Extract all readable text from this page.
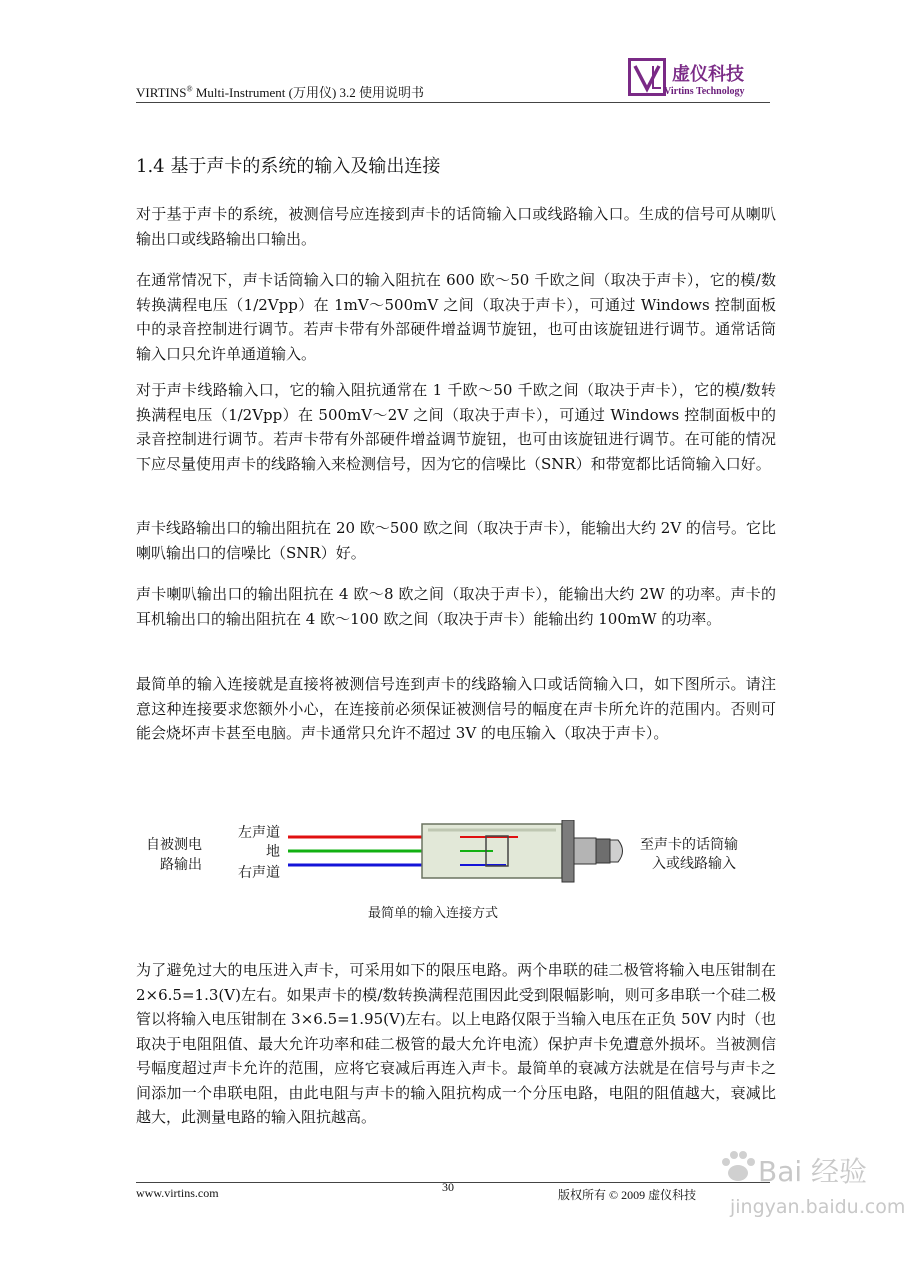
VIRTINS® Multi-Instrument (万用仪) 3.2 使用说明书
虚仪科技
Virtins Technology
1.4 基于声卡的系统的输入及输出连接
对于基于声卡的系统，被测信号应连接到声卡的话筒输入口或线路输入口。生成的信号可从喇叭输出口或线路输出口输出。
在通常情况下，声卡话筒输入口的输入阻抗在 600 欧～50 千欧之间（取决于声卡），它的模/数转换满程电压（1/2Vpp）在 1mV～500mV 之间（取决于声卡），可通过 Windows 控制面板中的录音控制进行调节。若声卡带有外部硬件增益调节旋钮，也可由该旋钮进行调节。通常话筒输入口只允许单通道输入。
对于声卡线路输入口，它的输入阻抗通常在 1 千欧～50 千欧之间（取决于声卡），它的模/数转换满程电压（1/2Vpp）在 500mV～2V 之间（取决于声卡），可通过 Windows 控制面板中的录音控制进行调节。若声卡带有外部硬件增益调节旋钮，也可由该旋钮进行调节。在可能的情况下应尽量使用声卡的线路输入来检测信号，因为它的信噪比（SNR）和带宽都比话筒输入口好。
声卡线路输出口的输出阻抗在 20 欧～500 欧之间（取决于声卡），能输出大约 2V 的信号。它比喇叭输出口的信噪比（SNR）好。
声卡喇叭输出口的输出阻抗在 4 欧～8 欧之间（取决于声卡），能输出大约 2W 的功率。声卡的耳机输出口的输出阻抗在 4 欧～100 欧之间（取决于声卡）能输出约 100mW 的功率。
最简单的输入连接就是直接将被测信号连到声卡的线路输入口或话筒输入口，如下图所示。请注意这种连接要求您额外小心，在连接前必须保证被测信号的幅度在声卡所允许的范围内。否则可能会烧坏声卡甚至电脑。声卡通常只允许不超过 3V 的电压输入（取决于声卡）。
自被测电
路输出
左声道
地
右声道
至声卡的话筒输
入或线路输入
最简单的输入连接方式
为了避免过大的电压进入声卡，可采用如下的限压电路。两个串联的硅二极管将输入电压钳制在 2×6.5=1.3(V)左右。如果声卡的模/数转换满程范围因此受到限幅影响，则可多串联一个硅二极管以将输入电压钳制在 3×6.5=1.95(V)左右。以上电路仅限于当输入电压在正负 50V 内时（也取决于电阻阻值、最大允许功率和硅二极管的最大允许电流）保护声卡免遭意外损坏。当被测信号幅度超过声卡允许的范围，应将它衰减后再连入声卡。最简单的衰减方法就是在信号与声卡之间添加一个串联电阻，由此电阻与声卡的输入阻抗构成一个分压电路，电阻的阻值越大，衰减比越大，此测量电路的输入阻抗越高。
www.virtins.com	30
版权所有 © 2009 虚仪科技
Bai 经验
jingyan.baidu.com
